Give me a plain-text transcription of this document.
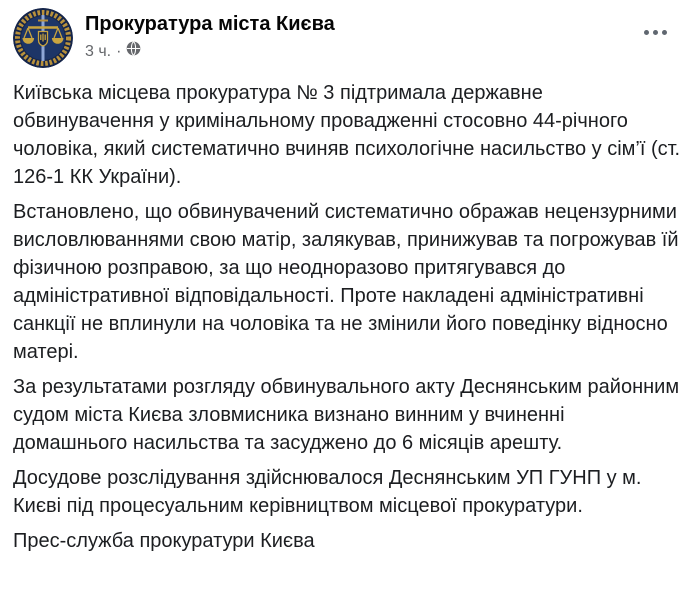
Прокуратура міста Києва
3 ч. ·

Київська місцева прокуратура № 3 підтримала державне обвинувачення у кримінальному провадженні стосовно 44-річного чоловіка, який систематично вчиняв психологічне насильство у сім’ї (ст. 126-1 КК України).

Встановлено, що обвинувачений систематично ображав нецензурними висловлюваннями свою матір, залякував, принижував та погрожував їй фізичною розправою, за що неодноразово притягувався до адміністративної відповідальності. Проте накладені адміністративні санкції не вплинули на чоловіка та не змінили його поведінку відносно матері.

За результатами розгляду обвинувального акту Деснянським районним судом міста Києва зловмисника визнано винним у вчиненні домашнього насильства та засуджено до 6 місяців арешту.

Досудове розслідування здійснювалося Деснянським УП ГУНП у м. Києві під процесуальним керівництвом місцевої прокуратури.

Прес-служба прокуратури Києва
